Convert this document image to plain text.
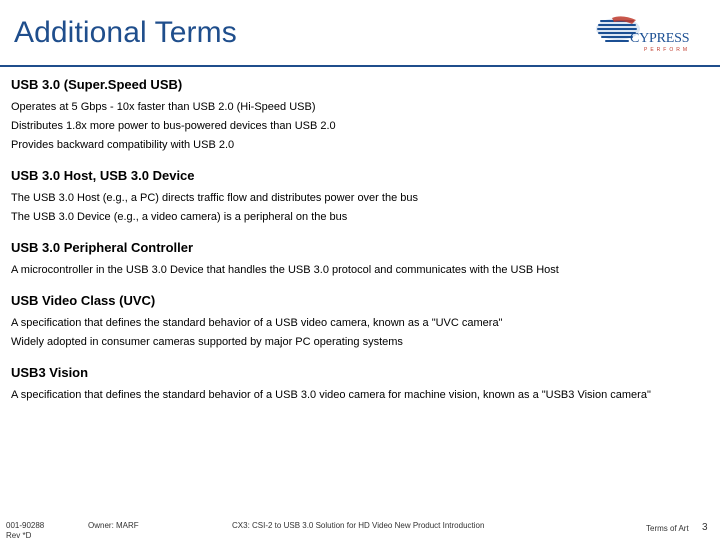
Additional Terms	CYPRESS
PERFORM
USB 3.0 (Super.Speed USB)
Operates at 5 Gbps - 10x faster than USB 2.0 (Hi-Speed USB)
Distributes 1.8x more power to bus-powered devices than USB 2.0
Provides backward compatibility with USB 2.0
USB 3.0 Host, USB 3.0 Device
The USB 3.0 Host (e.g., a PC) directs traffic flow and distributes power over the bus
The USB 3.0 Device (e.g., a video camera) is a peripheral on the bus
USB 3.0 Peripheral Controller
A microcontroller in the USB 3.0 Device that handles the USB 3.0 protocol and communicates with the USB Host
USB Video Class (UVC)
A specification that defines the standard behavior of a USB video camera, known as a "UVC camera"
Widely adopted in consumer cameras supported by major PC operating systems
USB3 Vision
A specification that defines the standard behavior of a USB 3.0 video camera for machine vision, known as a "USB3 Vision camera"
001-90288
Rev *D
Owner: MARF	CX3: CSI-2 to USB 3.0 Solution for HD Video New Product Introduction	Terms of Art 3
